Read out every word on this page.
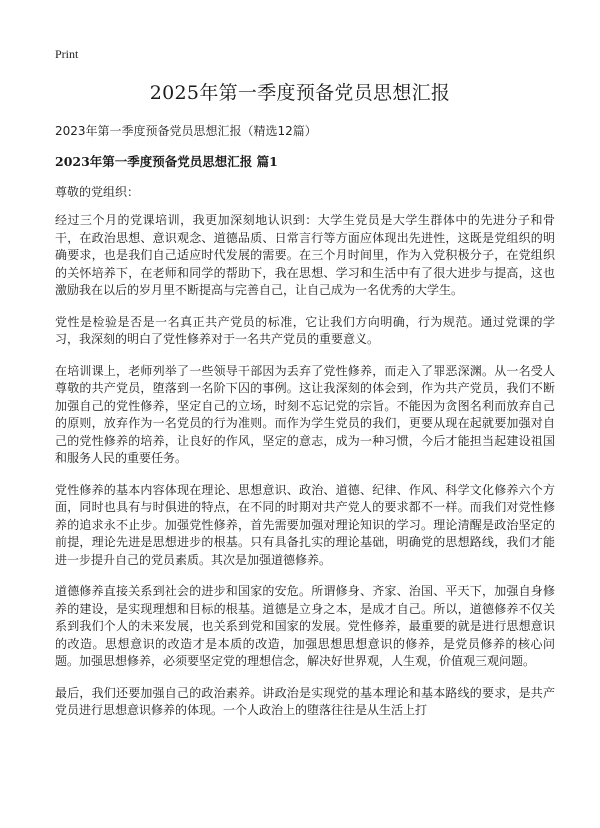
Print
2025年第一季度预备党员思想汇报
2023年第一季度预备党员思想汇报（精选12篇）
2023年第一季度预备党员思想汇报 篇1
尊敬的党组织：

经过三个月的党课培训，我更加深刻地认识到：大学生党员是大学生群体中的先进分子和骨干，在政治思想、意识观念、道德品质、日常言行等方面应体现出先进性，这既是党组织的明确要求，也是我们自己适应时代发展的需要。在三个月时间里，作为入党积极分子，在党组织的关怀培养下，在老师和同学的帮助下，我在思想、学习和生活中有了很大进步与提高，这也激励我在以后的岁月里不断提高与完善自己，让自己成为一名优秀的大学生。

党性是检验是否是一名真正共产党员的标准，它让我们方向明确，行为规范。通过党课的学习，我深刻的明白了党性修养对于一名共产党员的重要意义。

在培训课上，老师列举了一些领导干部因为丢弃了党性修养，而走入了罪恶深渊。从一名受人尊敬的共产党员，堕落到一名阶下囚的事例。这让我深刻的体会到，作为共产党员，我们不断加强自己的党性修养，坚定自己的立场，时刻不忘记党的宗旨。不能因为贪图名利而放弃自己的原则，放弃作为一名党员的行为准则。而作为学生党员的我们，更要从现在起就要加强对自己的党性修养的培养，让良好的作风，坚定的意志，成为一种习惯，今后才能担当起建设祖国和服务人民的重要任务。

党性修养的基本内容体现在理论、思想意识、政治、道德、纪律、作风、科学文化修养六个方面，同时也具有与时俱进的特点，在不同的时期对共产党人的要求都不一样。而我们对党性修养的追求永不止步。加强党性修养，首先需要加强对理论知识的学习。理论清醒是政治坚定的前提，理论先进是思想进步的根基。只有具备扎实的理论基础，明确党的思想路线，我们才能进一步提升自己的党员素质。其次是加强道德修养。

道德修养直接关系到社会的进步和国家的安危。所谓修身、齐家、治国、平天下，加强自身修养的建设，是实现理想和目标的根基。道德是立身之本，是成才自己。所以，道德修养不仅关系到我们个人的未来发展，也关系到党和国家的发展。党性修养，最重要的就是进行思想意识的改造。思想意识的改造才是本质的改造，加强思想思想意识的修养，是党员修养的核心问题。加强思想修养，必须要坚定党的理想信念，解决好世界观，人生观，价值观三观问题。

最后，我们还要加强自己的政治素养。讲政治是实现党的基本理论和基本路线的要求，是共产党员进行思想意识修养的体现。一个人政治上的堕落往往是从生活上打
